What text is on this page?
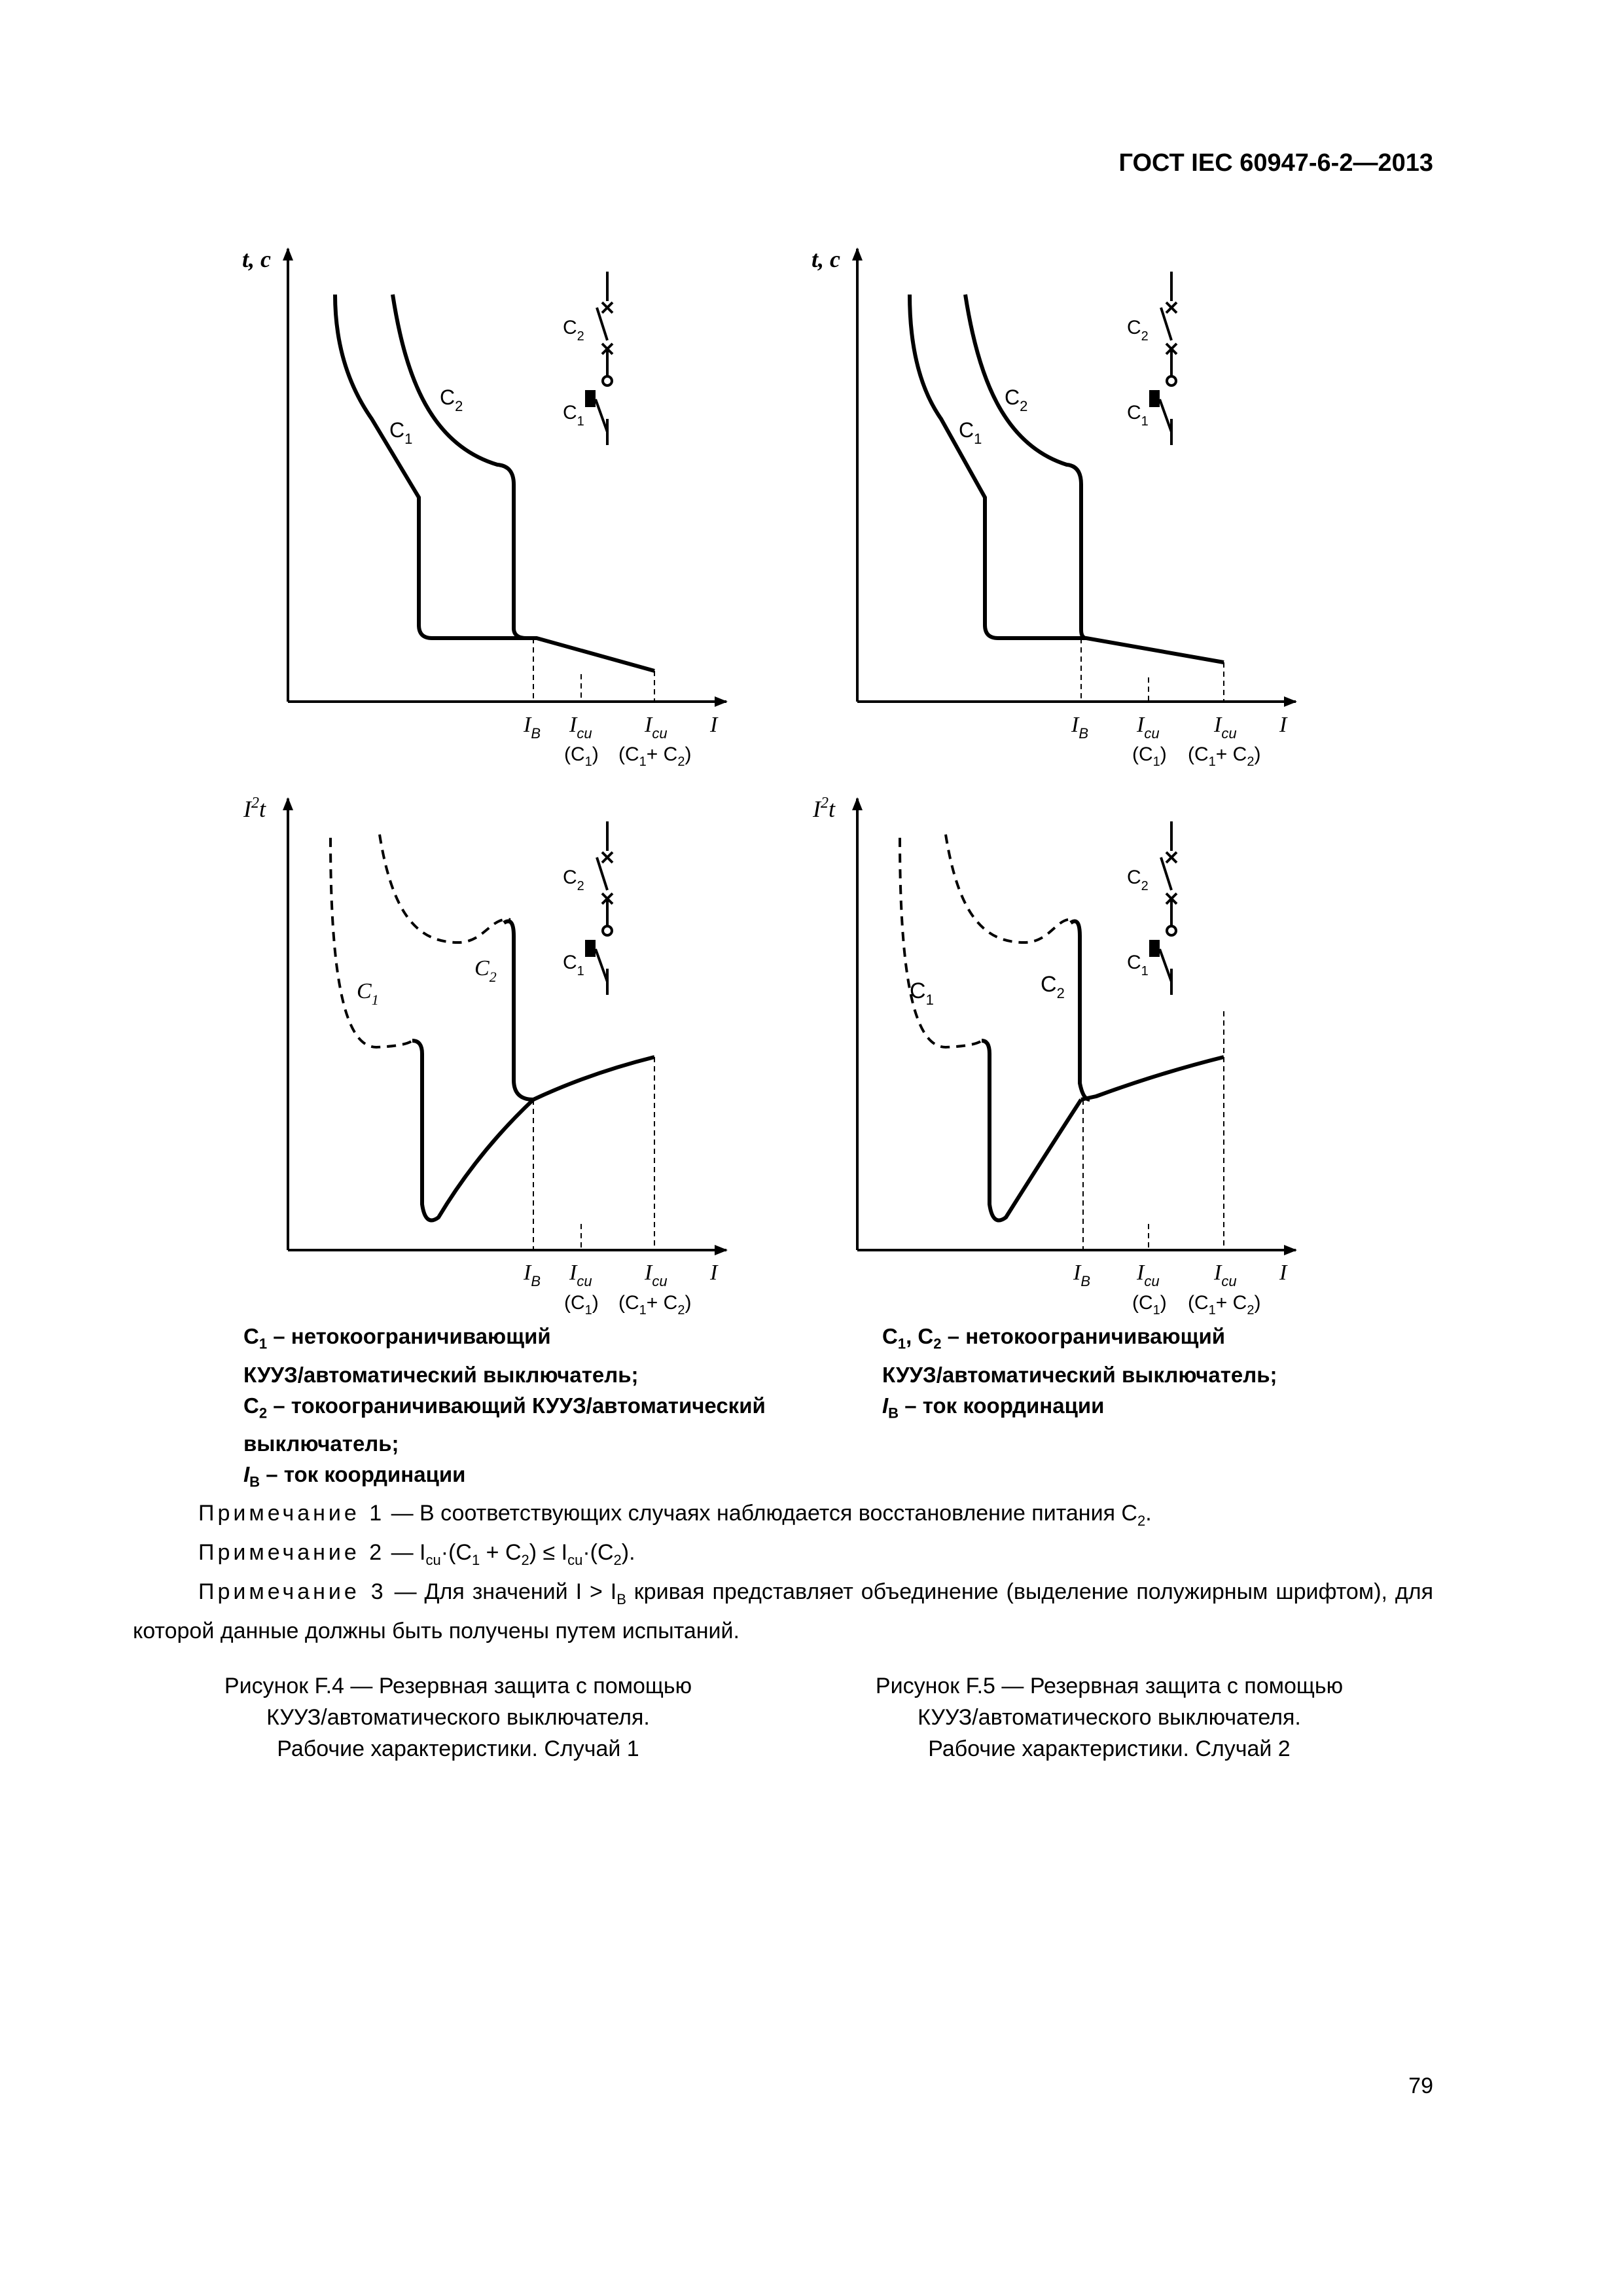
ГОСТ IEC 60947-6-2—2013
t, c
$C_1$
$C_2$
$C_2$
$C_1$
$I_B$ $I_{cu}$ $I_{cu}$ I
$(C_1)$ $(C_1+ C_2)$
t, c
$C_1$
$C_2$
$C_2$
$C_1$
$I_B$ $I_{cu}$ $I_{cu}$ I
$(C_1)$ $(C_1+ C_2)$
$I^2t$
$C_1$
$C_2$
$C_2$
$C_1$
$I_B$ $I_{cu}$ $I_{cu}$ I
$(C_1)$ $(C_1+ C_2)$
$I^2t$
$C_1$
$C_2$
$C_2$
$C_1$
$I_B$ $I_{cu}$ $I_{cu}$ I
$(C_1)$ $(C_1+ C_2)$
$C_1$ – нетокоограничивающий
КУУЗ/автоматический выключатель;
$C_2$ – токоограничивающий КУУЗ/автоматический
выключатель;
$I_B$ – ток координации
$C_1$, $C_2$ – нетокоограничивающий
КУУЗ/автоматический выключатель;
$I_B$ – ток координации
Примечание 1 — В соответствующих случаях наблюдается восстановление питания $C_2$.
Примечание 2 — $I_{cu}\cdot(C_1 + C_2) \le I_{cu}\cdot(C_2)$.
Примечание 3 — Для значений $I > I_B$ кривая представляет объединение (выделение полужирным шрифтом), для которой данные должны быть получены путем испытаний.
Рисунок F.4 — Резервная защита с помощью
КУУЗ/автоматического выключателя.
Рабочие характеристики. Случай 1
Рисунок F.5 — Резервная защита с помощью
КУУЗ/автоматического выключателя.
Рабочие характеристики. Случай 2
79
